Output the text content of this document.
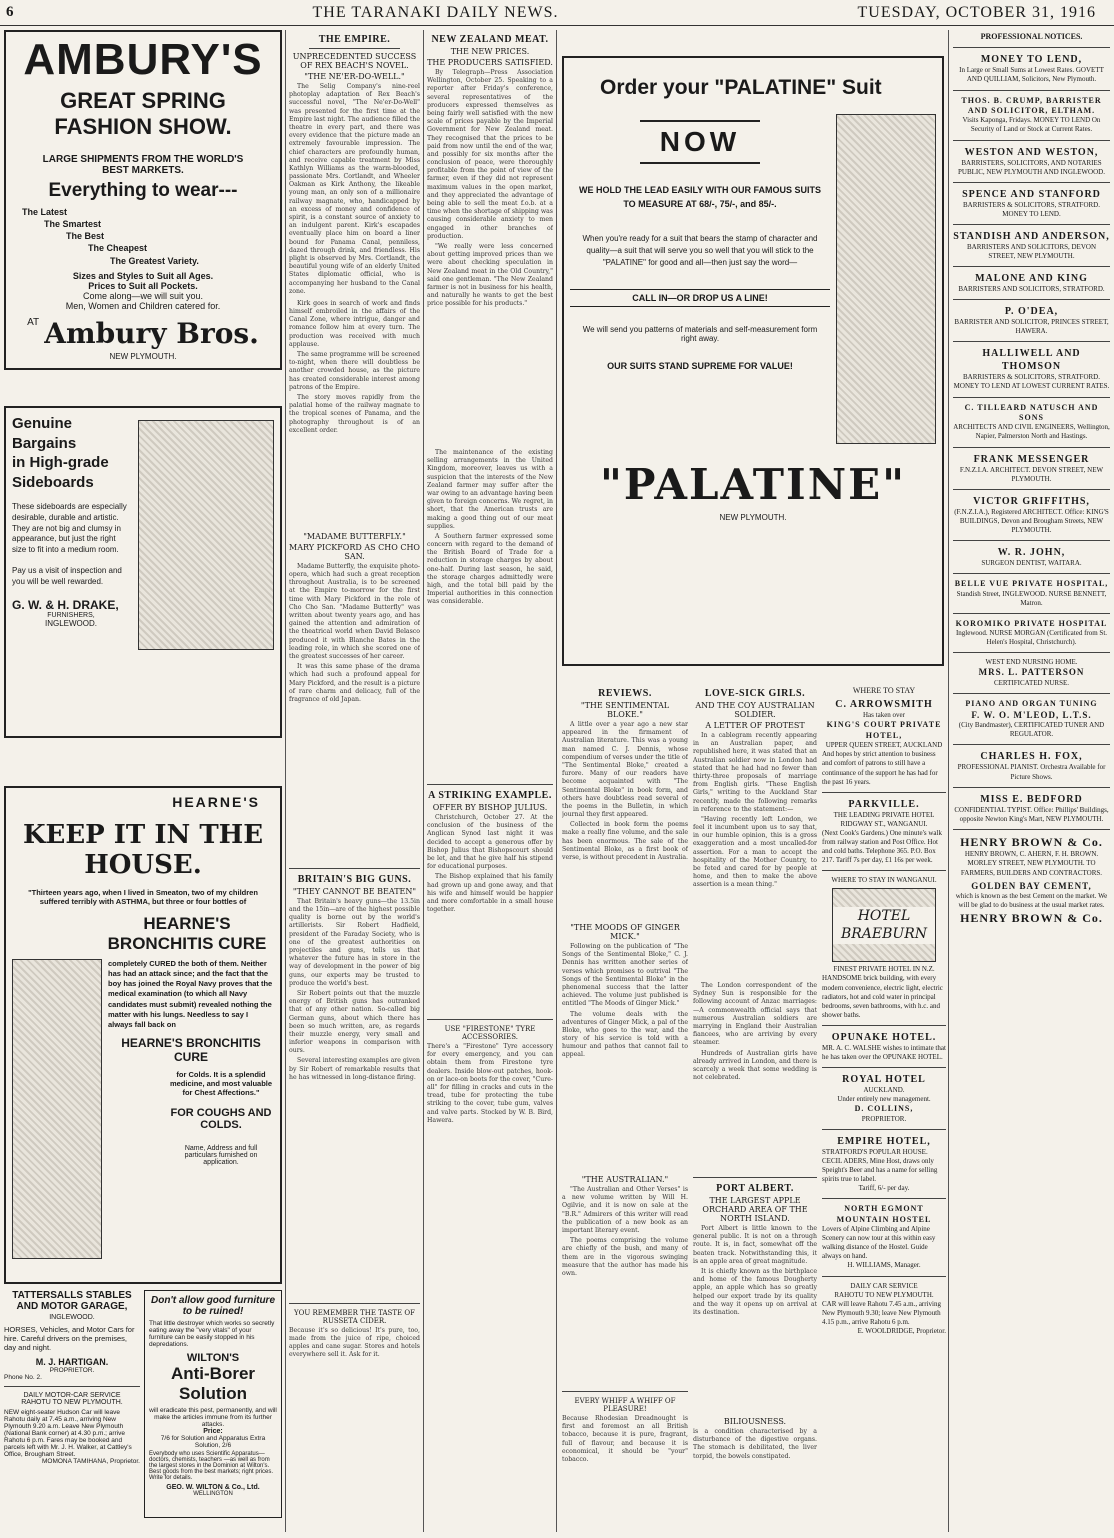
6	THE TARANAKI DAILY NEWS.	TUESDAY, OCTOBER 31, 1916
AMBURY'S
GREAT SPRING
FASHION SHOW.
LARGE SHIPMENTS FROM THE WORLD'S BEST MARKETS.
Everything to wear---
The Latest
The Smartest
The Best
The Cheapest
The Greatest Variety.
Sizes and Styles to Suit all Ages.
Prices to Suit all Pockets.
Come along—we will suit you.
Men, Women and Children catered for.
$^{AT}$ Ambury Bros.
NEW PLYMOUTH.
Genuine Bargains
in High-grade
Sideboards
These sideboards are especially desirable, durable and artistic. They are not big and clumsy in appearance, but just the right size to fit into a medium room.
Pay us a visit of inspection and you will be well rewarded.
G. W. & H. DRAKE,
FURNISHERS,
INGLEWOOD.
HEARNE'S
KEEP IT IN THE HOUSE.
"Thirteen years ago, when I lived in Smeaton, two of my children suffered terribly with ASTHMA, but three or four bottles of
HEARNE'S BRONCHITIS CURE
completely CURED the both of them. Neither has had an attack since; and the fact that the boy has joined the Royal Navy proves that the medical examination (to which all Navy candidates must submit) revealed nothing the matter with his lungs. Needless to say I always fall back on
HEARNE'S BRONCHITIS CURE
for Colds. It is a splendid medicine, and most valuable for Chest Affections."
FOR COUGHS AND COLDS.
Name, Address and full particulars furnished on application.
TATTERSALLS STABLES AND MOTOR GARAGE,
INGLEWOOD.
HORSES, Vehicles, and Motor Cars for hire. Careful drivers on the premises, day and night.
M. J. HARTIGAN.
PROPRIETOR.
Phone No. 2.
DAILY MOTOR-CAR SERVICE
RAHOTU TO NEW PLYMOUTH.
NEW eight-seater Hudson Car will leave Rahotu daily at 7.45 a.m., arriving New Plymouth 9.20 a.m. Leave New Plymouth (National Bank corner) at 4.30 p.m.; arrive Rahotu 6 p.m. Fares may be booked and parcels left with Mr. J. H. Walker, at Cattley's Office, Brougham Street.
MOMONA TAMIHANA, Proprietor.
Don't allow good furniture to be ruined!
That little destroyer which works so secretly eating away the "very vitals" of your furniture can be easily stopped in his depredations.
WILTON'S
Anti-Borer
Solution
will eradicate this pest, permanently, and will make the articles immune from its further attacks.
Price:
7/6 for Solution and Apparatus Extra Solution, 2/6
Everybody who uses Scientific Apparatus—doctors, chemists, teachers —as well as from the largest stores in the Dominion at Wilton's. Best goods from the best markets; right prices. Write for details.
GEO. W. WILTON & Co., Ltd.
WELLINGTON
THE EMPIRE.
UNPRECEDENTED SUCCESS OF REX BEACH'S NOVEL.
"THE NE'ER-DO-WELL."

The Selig Company's nine-reel photoplay adaptation of Rex Beach's successful novel, "The Ne'er-Do-Well" was presented for the first time at the Empire last night. The audience filled the theatre in every part, and there was every evidence that the picture made an extremely favourable impression. The chief characters are profoundly human, and receive capable treatment by Miss Kathlyn Williams as the warm-blooded, passionate Mrs. Cortlandt, and Wheeler Oakman as Kirk Anthony, the likeable young man, an only son of a millionaire railway magnate, who, handicapped by an excess of money and confidence of spirit, is a constant source of anxiety to an indulgent parent. Kirk's escapades eventually place him on board a liner bound for Panama Canal, penniless, dazed through drink, and friendless. His plight is observed by Mrs. Cortlandt, the beautiful young wife of an elderly United States diplomatic official, who is accompanying her husband to the Canal zone.

Kirk goes in search of work and finds himself embroiled in the affairs of the Canal Zone, where intrigue, danger and romance follow him at every turn. The production was received with much applause.

The same programme will be screened to-night, when there will doubtless be another crowded house, as the picture has created considerable interest among patrons of the Empire.

The story moves rapidly from the palatial home of the railway magnate to the tropical scenes of Panama, and the photography throughout is of an excellent order.

"MADAME BUTTERFLY."
MARY PICKFORD AS CHO CHO SAN.

Madame Butterfly, the exquisite photo-opera, which had such a great reception throughout Australia, is to be screened at the Empire to-morrow for the first time with Mary Pickford in the role of Cho Cho San. "Madame Butterfly" was written about twenty years ago, and has gained the attention and admiration of the theatrical world when David Belasco produced it with Blanche Bates in the leading role, in which she scored one of the greatest successes of her career.

It was this same phase of the drama which had such a profound appeal for Mary Pickford, and the result is a picture of rare charm and delicacy, full of the fragrance of old Japan.

BRITAIN'S BIG GUNS.
"THEY CANNOT BE BEATEN"

That Britain's heavy guns—the 13.5in and the 15in—are of the highest possible quality is borne out by the world's artillerists. Sir Robert Hadfield, president of the Faraday Society, who is one of the greatest authorities on projectiles and guns, tells us that whatever the future has in store in the way of development in the power of big guns, our experts may be trusted to produce the world's best.

Sir Robert points out that the muzzle energy of British guns has outranked that of any other nation. So-called big German guns, about which there has been so much written, are, as regards their muzzle energy, very small and inferior weapons in comparison with ours.

Several interesting examples are given by Sir Robert of remarkable results that he has witnessed in long-distance firing.

YOU REMEMBER THE TASTE OF RUSSETA CIDER.
Because it's so delicious! It's pure, too, made from the juice of ripe, choiced apples and cane sugar. Stores and hotels everywhere sell it. Ask for it.
NEW ZEALAND MEAT.
THE NEW PRICES.
THE PRODUCERS SATISFIED.

By Telegraph—Press Association Wellington, October 25. Speaking to a reporter after Friday's conference, several representatives of the producers expressed themselves as being fairly well satisfied with the new scale of prices payable by the Imperial Government for New Zealand meat. They recognised that the prices to be paid from now until the end of the war, and possibly for six months after the conclusion of peace, were thoroughly profitable from the point of view of the farmer, even if they did not represent maximum values in the open market, and they appreciated the advantage of being able to sell the meat f.o.b. at a time when the shortage of shipping was causing considerable anxiety to men engaged in other branches of production.

"We really were less concerned about getting improved prices than we were about checking speculation in New Zealand meat in the Old Country," said one gentleman. "The New Zealand farmer is not in business for his health, and naturally he wants to get the best price possible for his products."

The maintenance of the existing selling arrangements in the United Kingdom, moreover, leaves us with a suspicion that the interests of the New Zealand farmer may suffer after the war owing to an advantage having been given to foreign concerns. We regret, in short, that the American trusts are making a good thing out of our meat supplies.

A Southern farmer expressed some concern with regard to the demand of the British Board of Trade for a reduction in storage charges by about one-half. During last season, he said, the storage charges admittedly were high, and the total bill paid by the Imperial authorities in this connection was considerable.

A STRIKING EXAMPLE.
OFFER BY BISHOP JULIUS.

Christchurch, October 27. At the conclusion of the business of the Anglican Synod last night it was decided to accept a generous offer by Bishop Julius that Bishopscourt should be let, and that he give half his stipend for educational purposes.

The Bishop explained that his family had grown up and gone away, and that his wife and himself would be happier and more comfortable in a small house together.

USE "FIRESTONE" TYRE ACCESSORIES.
There's a "Firestone" Tyre accessory for every emergency, and you can obtain them from Firestone tyre dealers. Inside blow-out patches, hook-on or lace-on boots for the cover, "Cure-all" for filling in cracks and cuts in the tread, tube for protecting the tube striking to the cover, tube gum, valves and valve parts. Stocked by W. B. Bird, Hawera.
Order your "PALATINE" Suit
NOW
WE HOLD THE LEAD EASILY WITH OUR FAMOUS SUITS TO MEASURE AT 68/-, 75/-, and 85/-.
When you're ready for a suit that bears the stamp of character and quality—a suit that will serve you so well that you will stick to the "PALATINE" for good and all—then just say the word—
CALL IN—OR DROP US A LINE!
We will send you patterns of materials and self-measurement form right away.
OUR SUITS STAND SUPREME FOR VALUE!
"PALATINE"
NEW PLYMOUTH.
REVIEWS.
"THE SENTIMENTAL BLOKE."

A little over a year ago a new star appeared in the firmament of Australian literature. This was a young man named C. J. Dennis, whose compendium of verses under the title of "The Sentimental Bloke," created a furore. Many of our readers have become acquainted with "The Sentimental Bloke" in book form, and others have doubtless read several of the poems in the Bulletin, in which journal they first appeared.

Collected in book form the poems make a really fine volume, and the sale has been enormous. The sale of the Sentimental Bloke, as a first book of verse, is without precedent in Australia.

"THE MOODS OF GINGER MICK."

Following on the publication of "The Songs of the Sentimental Bloke," C. J. Dennis has written another series of verses which promises to outrival "The Songs of the Sentimental Bloke" in the phenomenal success that the latter achieved. The volume just published is entitled "The Moods of Ginger Mick."

The volume deals with the adventures of Ginger Mick, a pal of the Bloke, who goes to the war, and the story of his service is told with a humour and pathos that cannot fail to appeal.

"THE AUSTRALIAN."

"The Australian and Other Verses" is a new volume written by Will H. Ogilvie, and it is now on sale at the "B.R." Admirers of this writer will read the publication of a new book as an important literary event.

The poems comprising the volume are chiefly of the bush, and many of them are in the vigorous swinging measure that the author has made his own.

EVERY WHIFF A WHIFF OF PLEASURE!
Because Rhodesian Dreadnought is first and foremost an all British tobacco, because it is pure, fragrant, full of flavour, and because it is economical, it should be "your" tobacco.
LOVE-SICK GIRLS.
AND THE COY AUSTRALIAN SOLDIER.
A LETTER OF PROTEST

In a cablegram recently appearing in an Australian paper, and republished here, it was stated that an Australian soldier now in London had stated that he had had no fewer than thirty-three proposals of marriage from English girls. "These English Girls," writing to the Auckland Star recently, made the following remarks in reference to the statement:—

"Having recently left London, we feel it incumbent upon us to say that, in our humble opinion, this is a gross exaggeration and a most uncalled-for assertion. For a man to accept the hospitality of the Mother Country, to be feted and cared for by people at home, and then to make the above assertion is a mean thing."

The London correspondent of the Sydney Sun is responsible for the following account of Anzac marriages:—A commonwealth official says that numerous Australian soldiers are marrying in England their Australian fiancees, who are arriving by every steamer.

Hundreds of Australian girls have already arrived in London, and there is scarcely a week that some wedding is not celebrated.

PORT ALBERT.
THE LARGEST APPLE ORCHARD AREA OF THE NORTH ISLAND.

Port Albert is little known to the general public. It is not on a through route. It is, in fact, somewhat off the beaten track. Notwithstanding this, it is an apple area of great magnitude.

It is chiefly known as the birthplace and home of the famous Dougherty apple, an apple which has so greatly helped our export trade by its quality and the way it opens up on arrival at its destination.

BILIOUSNESS.
is a condition characterised by a disturbance of the digestive organs. The stomach is debilitated, the liver torpid, the bowels constipated.
WHERE TO STAY
C. ARROWSMITH
Has taken over
KING'S COURT PRIVATE HOTEL,
UPPER QUEEN STREET, AUCKLAND
And hopes by strict attention to business and comfort of patrons to still have a continuance of the support he has had for the past 16 years.
PARKVILLE.
THE LEADING PRIVATE HOTEL RIDGWAY ST., WANGANUI.
(Next Cook's Gardens.) One minute's walk from railway station and Post Office. Hot and cold baths. Telephone 365. P.O. Box 217. Tariff 7s per day, £1 16s per week.
WHERE TO STAY IN WANGANUI.
HOTEL BRAEBURN
FINEST PRIVATE HOTEL IN N.Z.
HANDSOME brick building, with every modern convenience, electric light, electric radiators, hot and cold water in principal bedrooms, seven bathrooms, with h.c. and shower baths.
OPUNAKE HOTEL.
MR. A. C. WALSHE wishes to intimate that he has taken over the OPUNAKE HOTEL.
ROYAL HOTEL
AUCKLAND.
Under entirely new management.
D. COLLINS,
PROPRIETOR.
EMPIRE HOTEL,
STRATFORD'S POPULAR HOUSE. CECIL ADERS, Mine Host, draws only Speight's Beer and has a name for selling spirits true to label.
Tariff, 6/- per day.
NORTH EGMONT MOUNTAIN HOSTEL
Lovers of Alpine Climbing and Alpine Scenery can now tour at this within easy walking distance of the Hostel. Guide always on hand.
H. WILLIAMS, Manager.
DAILY CAR SERVICE
RAHOTU TO NEW PLYMOUTH.
CAR will leave Rahotu 7.45 a.m., arriving New Plymouth 9.30; leave New Plymouth 4.15 p.m., arrive Rahotu 6 p.m.
E. WOOLDRIDGE, Proprietor.
PROFESSIONAL NOTICES.
MONEY TO LEND,
In Large or Small Sums at Lowest Rates. GOVETT AND QUILLIAM, Solicitors, New Plymouth.
THOS. B. CRUMP, BARRISTER AND SOLICITOR, ELTHAM.
Visits Kaponga, Fridays. MONEY TO LEND On Security of Land or Stock at Current Rates.
WESTON AND WESTON,
BARRISTERS, SOLICITORS, AND NOTARIES PUBLIC, NEW PLYMOUTH AND INGLEWOOD.
SPENCE AND STANFORD
BARRISTERS & SOLICITORS, STRATFORD. MONEY TO LEND.
STANDISH AND ANDERSON,
BARRISTERS AND SOLICITORS, DEVON STREET, NEW PLYMOUTH.
MALONE AND KING
BARRISTERS AND SOLICITORS, STRATFORD.
P. O'DEA,
BARRISTER AND SOLICITOR, PRINCES STREET, HAWERA.
HALLIWELL AND THOMSON
BARRISTERS & SOLICITORS, STRATFORD. MONEY TO LEND AT LOWEST CURRENT RATES.
C. TILLEARD NATUSCH AND SONS
ARCHITECTS AND CIVIL ENGINEERS, Wellington, Napier, Palmerston North and Hastings.
FRANK MESSENGER
F.N.Z.I.A. ARCHITECT. DEVON STREET, NEW PLYMOUTH.
VICTOR GRIFFITHS,
(F.N.Z.I.A.), Registered ARCHITECT. Office: KING'S BUILDINGS, Devon and Brougham Streets, NEW PLYMOUTH.
W. R. JOHN,
SURGEON DENTIST, WAITARA.
BELLE VUE PRIVATE HOSPITAL,
Standish Street, INGLEWOOD. NURSE BENNETT, Matron.
KOROMIKO PRIVATE HOSPITAL
Inglewood. NURSE MORGAN (Certificated from St. Helen's Hospital, Christchurch).
WEST END NURSING HOME.
MRS. L. PATTERSON
CERTIFICATED NURSE.
PIANO AND ORGAN TUNING
F. W. O. M'LEOD, L.T.S.
(City Bandmaster), CERTIFICATED TUNER AND REGULATOR.
CHARLES H. FOX,
PROFESSIONAL PIANIST. Orchestra Available for Picture Shows.
MISS E. BEDFORD
CONFIDENTIAL TYPIST. Office: Phillips' Buildings, opposite Newton King's Mart, NEW PLYMOUTH.
HENRY BROWN & Co.
HENRY BROWN, C. AHERN, F. H. BROWN. MORLEY STREET, NEW PLYMOUTH. TO FARMERS, BUILDERS AND CONTRACTORS.
GOLDEN BAY CEMENT,
which is known as the best Cement on the market. We will be glad to do business at the usual market rates.
HENRY BROWN & Co.
